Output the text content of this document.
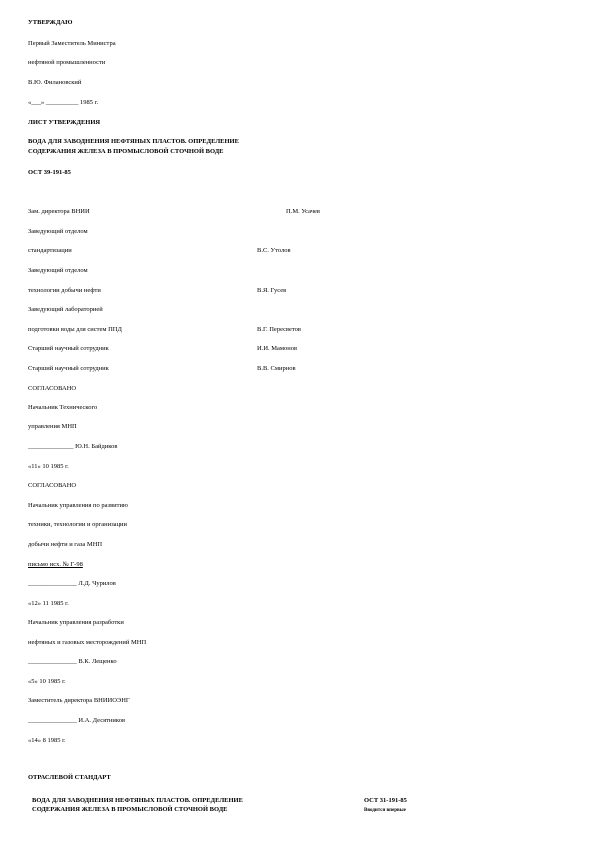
УТВЕРЖДАЮ
Первый Заместитель Министра
нефтяной промышленности
В.Ю. Филановский
«___» __________ 1985 г.
ЛИСТ УТВЕРЖДЕНИЯ
ВОДА ДЛЯ ЗАВОДНЕНИЯ НЕФТЯНЫХ ПЛАСТОВ. ОПРЕДЕЛЕНИЕ
СОДЕРЖАНИЯ ЖЕЛЕЗА В ПРОМЫСЛОВОЙ СТОЧНОЙ ВОДЕ
ОСТ 39-191-85
Зам. директора ВНИИ	П.М. Усачев
Заведующий отделом
стандартизации	В.С. Утолов
Заведующий отделом
технологии добычи нефти	В.Я. Гусев
Заведующий лабораторией
подготовки воды для систем ППД	В.Г. Пересветов
Старший научный сотрудник	И.И. Мамонов
Старший научный сотрудник	В.В. Смирнов
СОГЛАСОВАНО
Начальник Технического
управления МНП
______________ Ю.Н. Байдиков
«11» 10 1985 г.
СОГЛАСОВАНО
Начальник управления по развитию
техники, технологии и организации
добычи нефти и газа МНП
письмо исх. № Г-98
_______________ Л.Д. Чурилов
«12» 11 1985 г.
Начальник управления разработки
нефтяных и газовых месторождений МНП
_______________ В.К. Лещенко
«5» 10 1985 г.
Заместитель директора ВНИИОЭНГ
_______________ И.А. Десятников
«14» 8 1985 г.
ОТРАСЛЕВОЙ СТАНДАРТ
ВОДА ДЛЯ ЗАВОДНЕНИЯ НЕФТЯНЫХ ПЛАСТОВ. ОПРЕДЕЛЕНИЕ
СОДЕРЖАНИЯ ЖЕЛЕЗА В ПРОМЫСЛОВОЙ СТОЧНОЙ ВОДЕ
ОСТ 31-191-85
Вводится впервые
